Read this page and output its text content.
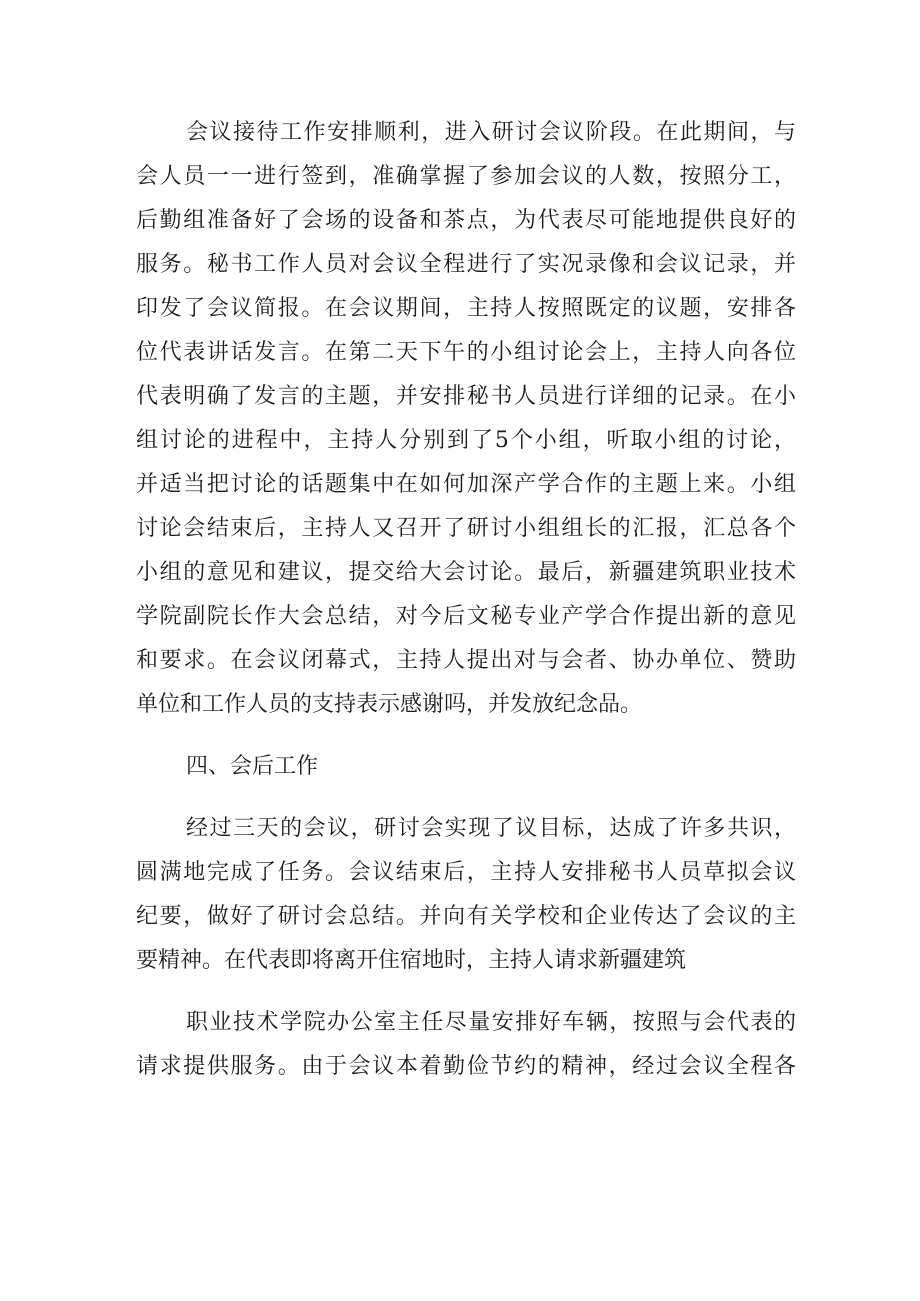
会议接待工作安排顺利，进入研讨会议阶段。在此期间，与
会人员一一进行签到，准确掌握了参加会议的人数，按照分工，
后勤组准备好了会场的设备和茶点，为代表尽可能地提供良好的
服务。秘书工作人员对会议全程进行了实况录像和会议记录，并
印发了会议简报。在会议期间，主持人按照既定的议题，安排各
位代表讲话发言。在第二天下午的小组讨论会上，主持人向各位
代表明确了发言的主题，并安排秘书人员进行详细的记录。在小
组讨论的进程中，主持人分别到了5个小组，听取小组的讨论，
并适当把讨论的话题集中在如何加深产学合作的主题上来。小组
讨论会结束后，主持人又召开了研讨小组组长的汇报，汇总各个
小组的意见和建议，提交给大会讨论。最后，新疆建筑职业技术
学院副院长作大会总结，对今后文秘专业产学合作提出新的意见
和要求。在会议闭幕式，主持人提出对与会者、协办单位、赞助
单位和工作人员的支持表示感谢吗，并发放纪念品。
四、会后工作
经过三天的会议，研讨会实现了议目标，达成了许多共识，
圆满地完成了任务。会议结束后，主持人安排秘书人员草拟会议
纪要，做好了研讨会总结。并向有关学校和企业传达了会议的主
要精神。在代表即将离开住宿地时，主持人请求新疆建筑
职业技术学院办公室主任尽量安排好车辆，按照与会代表的
请求提供服务。由于会议本着勤俭节约的精神，经过会议全程各
